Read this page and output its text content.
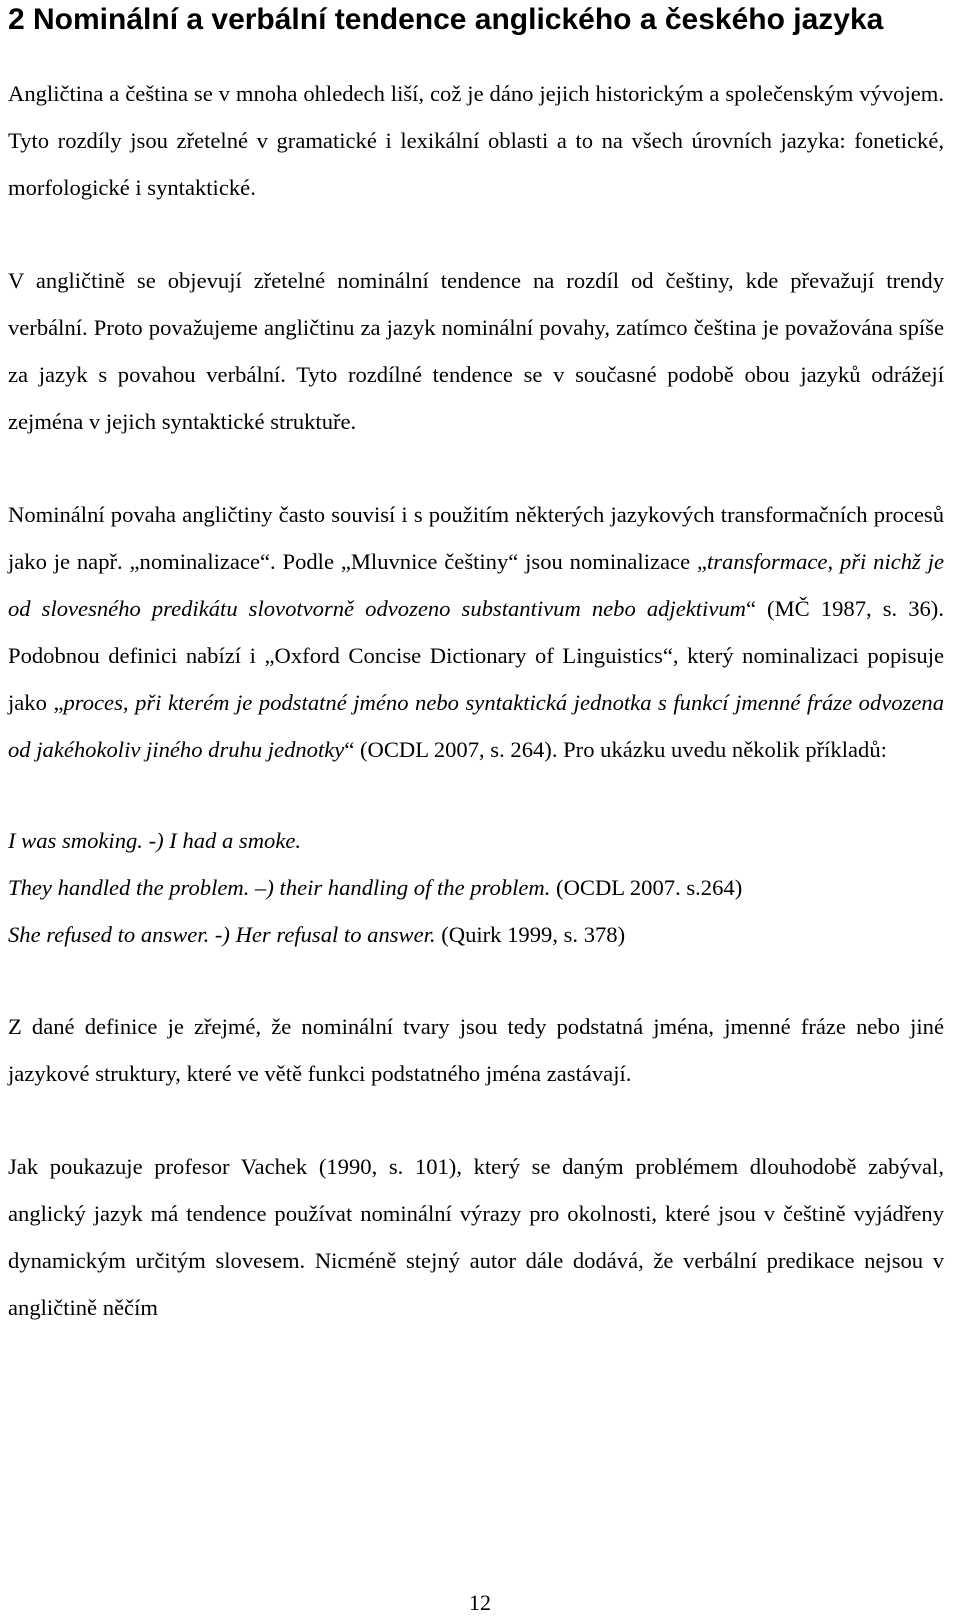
2 Nominální a verbální tendence anglického a českého jazyka

Angličtina a čeština se v mnoha ohledech liší, což je dáno jejich historickým a společenským vývojem. Tyto rozdíly jsou zřetelné v gramatické i lexikální oblasti a to na všech úrovních jazyka: fonetické, morfologické i syntaktické.

V angličtině se objevují zřetelné nominální tendence na rozdíl od češtiny, kde převažují trendy verbální. Proto považujeme angličtinu za jazyk nominální povahy, zatímco čeština je považována spíše za jazyk s povahou verbální. Tyto rozdílné tendence se v současné podobě obou jazyků odrážejí zejména v jejich syntaktické struktuře.

Nominální povaha angličtiny často souvisí i s použitím některých jazykových transformačních procesů jako je např. „nominalizace“. Podle „Mluvnice češtiny“ jsou nominalizace „transformace, při nichž je od slovesného predikátu slovotvorně odvozeno substantivum nebo adjektivum“ (MČ 1987, s. 36). Podobnou definici nabízí i „Oxford Concise Dictionary of Linguistics“, který nominalizaci popisuje jako „proces, při kterém je podstatné jméno nebo syntaktická jednotka s funkcí jmenné fráze odvozena od jakéhokoliv jiného druhu jednotky“ (OCDL 2007, s. 264). Pro ukázku uvedu několik příkladů:

I was smoking. -) I had a smoke.
They handled the problem. –) their handling of the problem. (OCDL 2007. s.264)
She refused to answer. -) Her refusal to answer. (Quirk 1999, s. 378)

Z dané definice je zřejmé, že nominální tvary jsou tedy podstatná jména, jmenné fráze nebo jiné jazykové struktury, které ve větě funkci podstatného jména zastávají.

Jak poukazuje profesor Vachek (1990, s. 101), který se daným problémem dlouhodobě zabýval, anglický jazyk má tendence používat nominální výrazy pro okolnosti, které jsou v češtině vyjádřeny dynamickým určitým slovesem. Nicméně stejný autor dále dodává, že verbální predikace nejsou v angličtině něčím

12
